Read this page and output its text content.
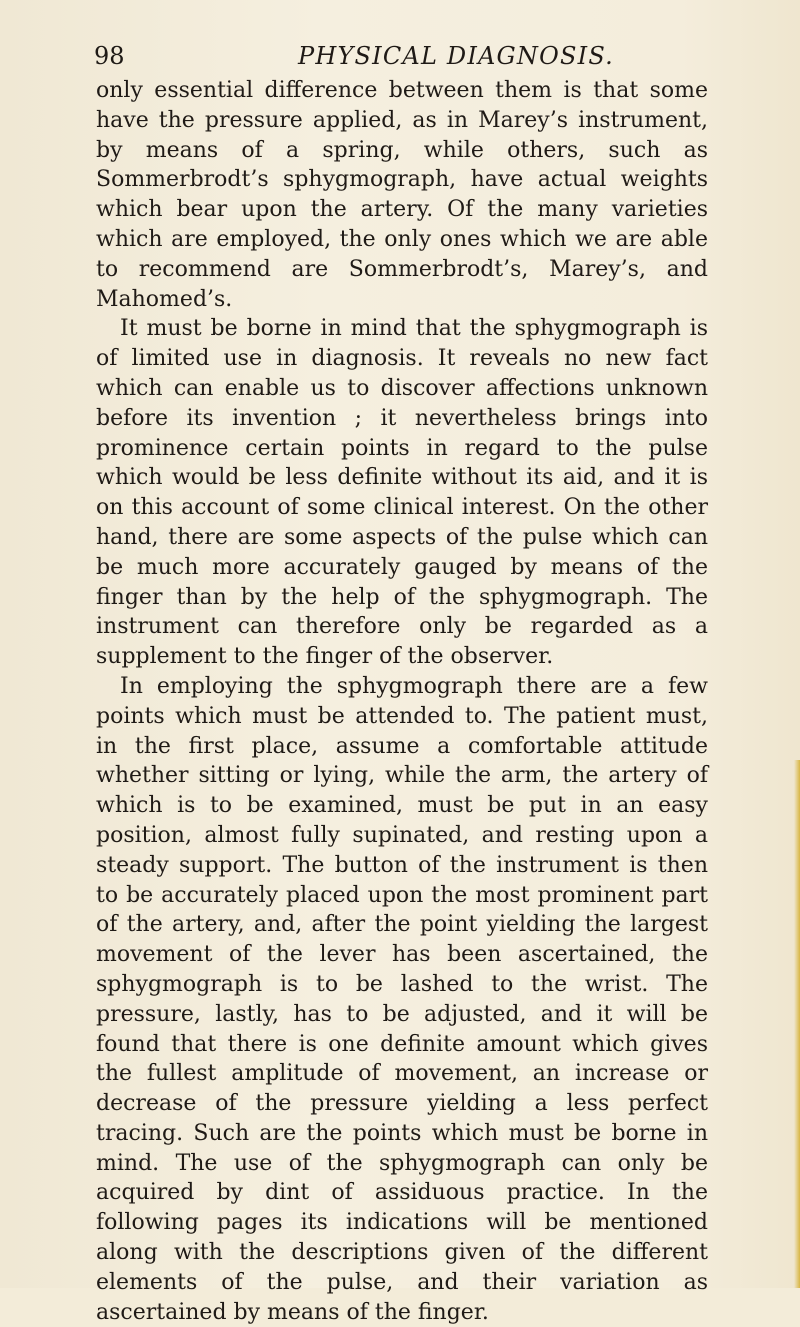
98	PHYSICAL DIAGNOSIS.

only essential difference between them is that some have the pressure applied, as in Marey’s instrument, by means of a spring, while others, such as Sommerbrodt’s sphygmograph, have actual weights which bear upon the artery. Of the many varieties which are employed, the only ones which we are able to recommend are Sommerbrodt’s, Marey’s, and Mahomed’s.

It must be borne in mind that the sphygmograph is of limited use in diagnosis. It reveals no new fact which can enable us to discover affections unknown before its invention ; it nevertheless brings into prominence certain points in regard to the pulse which would be less definite without its aid, and it is on this account of some clinical interest. On the other hand, there are some aspects of the pulse which can be much more accurately gauged by means of the finger than by the help of the sphygmograph. The instrument can therefore only be regarded as a supplement to the finger of the observer.

In employing the sphygmograph there are a few points which must be attended to. The patient must, in the first place, assume a comfortable attitude whether sitting or lying, while the arm, the artery of which is to be examined, must be put in an easy position, almost fully supinated, and resting upon a steady support. The button of the instrument is then to be accurately placed upon the most prominent part of the artery, and, after the point yielding the largest movement of the lever has been ascertained, the sphygmograph is to be lashed to the wrist. The pressure, lastly, has to be adjusted, and it will be found that there is one definite amount which gives the fullest amplitude of movement, an increase or decrease of the pressure yielding a less perfect tracing. Such are the points which must be borne in mind. The use of the sphygmograph can only be acquired by dint of assiduous practice. In the following pages its indications will be mentioned along with the descriptions given of the different elements of the pulse, and their variation as ascertained by means of the finger.
